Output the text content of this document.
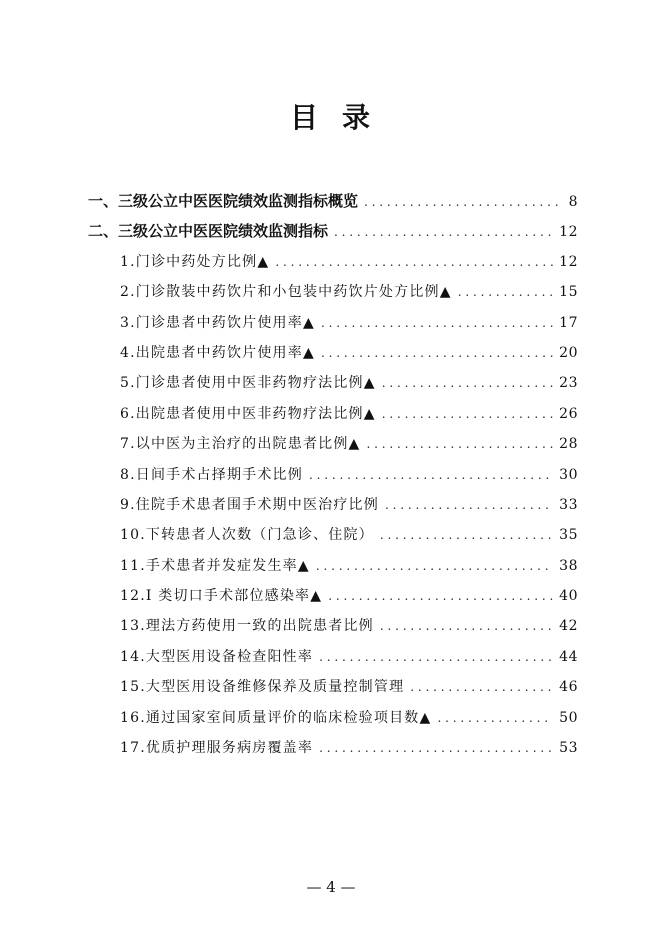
目 录
一、三级公立中医医院绩效监测指标概览 . . .	8
二、三级公立中医医院绩效监测指标 . . .	12
1.门诊中药处方比例▲ . . .	12
2.门诊散装中药饮片和小包装中药饮片处方比例▲ . . .	15
3.门诊患者中药饮片使用率▲ . . .	17
4.出院患者中药饮片使用率▲ . . .	20
5.门诊患者使用中医非药物疗法比例▲ . . .	23
6.出院患者使用中医非药物疗法比例▲ . . .	26
7.以中医为主治疗的出院患者比例▲ . . .	28
8.日间手术占择期手术比例 . . .	30
9.住院手术患者围手术期中医治疗比例 . . .	33
10.下转患者人次数（门急诊、住院） . . .	35
11.手术患者并发症发生率▲ . . .	38
12.I 类切口手术部位感染率▲ . . .	40
13.理法方药使用一致的出院患者比例 . . .	42
14.大型医用设备检查阳性率 . . .	44
15.大型医用设备维修保养及质量控制管理 . . .	46
16.通过国家室间质量评价的临床检验项目数▲ . . .	50
17.优质护理服务病房覆盖率 . . .	53

— 4 —
